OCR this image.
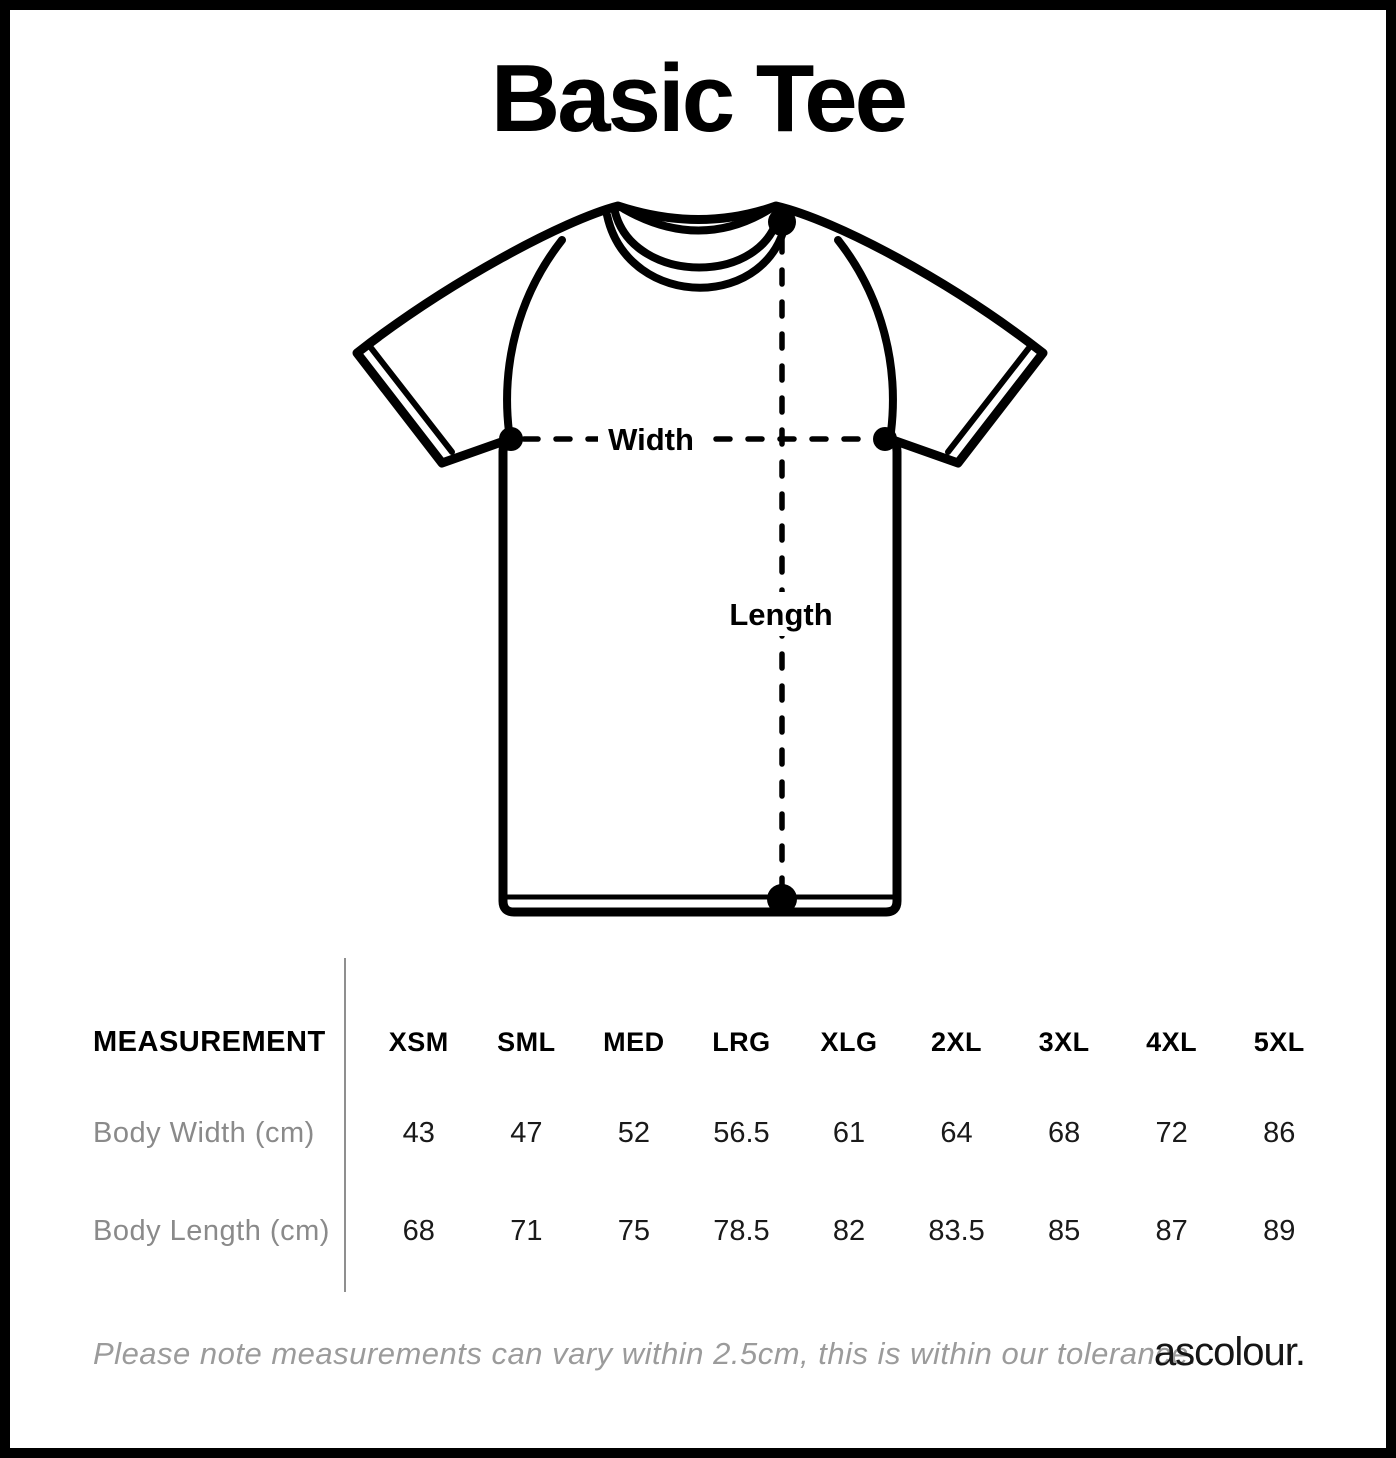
Basic Tee
Width
Length
MEASUREMENT	XSM	SML	MED	LRG	XLG	2XL	3XL	4XL	5XL
Body Width (cm)	43	47	52	56.5	61	64	68	72	86
Body Length (cm)	68	71	75	78.5	82	83.5	85	87	89
Please note measurements can vary within 2.5cm, this is within our tolerance.
ascolour.
